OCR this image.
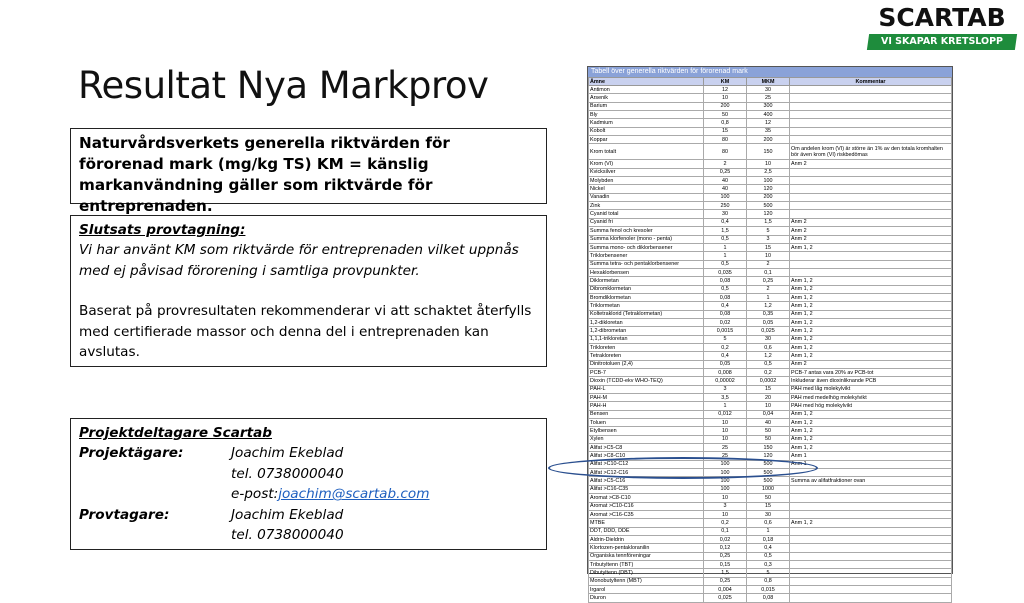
SCARTAB
VI SKAPAR KRETSLOPP
Resultat Nya Markprov
Naturvårdsverkets generella riktvärden för förorenad mark (mg/kg TS) KM = känslig markanvändning gäller som riktvärde för entreprenaden.
Slutsats provtagning:
Vi har använt KM som riktvärde för entreprenaden vilket uppnås med ej påvisad förorening i samtliga provpunkter.
Baserat på provresultaten rekommenderar vi att schaktet återfylls med certifierade massor och denna del i entreprenaden kan avslutas.
Projektdeltagare Scartab
Projektägare:	Joachim Ekeblad
tel. 0738000040
e-post: joachim@scartab.com
Provtagare:	Joachim Ekeblad
tel. 0738000040
Tabell över generella riktvärden för förorenad mark
Ämne	KM	MKM	Kommentar
Antimon	12	30	
Arsenik	10	25	
Barium	200	300	
Bly	50	400	
Kadmium	0,8	12	
Kobolt	15	35	
Koppar	80	200	
Krom totalt	80	150	Om andelen krom (VI) är större än 1% av den totala kromhalten bör även krom (VI) riskbedömas
Krom (VI)	2	10	Anm 2
Kvicksilver	0,25	2,5	
Molybden	40	100	
Nickel	40	120	
Vanadin	100	200	
Zink	250	500	
Cyanid total	30	120	
Cyanid fri	0,4	1,5	Anm 2
Summa fenol och kresoler	1,5	5	Anm 2
Summa klorfenoler (mono - penta)	0,5	3	Anm 2
Summa mono- och diklorbensener	1	15	Anm 1, 2
Triklorbensener	1	10	
Summa tetra- och pentaklorbensener	0,5	2	
Hexaklorbensen	0,035	0,1	
Diklormetan	0,08	0,25	Anm 1, 2
Dibromklormetan	0,5	2	Anm 1, 2
Bromdiklormetan	0,08	1	Anm 1, 2
Triklormetan	0,4	1,2	Anm 1, 2
Koltetraklorid (Tetraklormetan)	0,08	0,35	Anm 1, 2
1,2-dikloretan	0,02	0,05	Anm 1, 2
1,2-dibrometan	0,0015	0,025	Anm 1, 2
1,1,1-trikloretan	5	30	Anm 1, 2
Trikloreten	0,2	0,6	Anm 1, 2
Tetrakloreten	0,4	1,2	Anm 1, 2
Dinitrotoluen (2,4)	0,05	0,5	Anm 2
PCB-7	0,008	0,2	PCB-7 antas vara 20% av PCB-tot
Dioxin (TCDD-ekv WHO-TEQ)	0,00002	0,0002	Inkluderar även dioxinliknande PCB
PAH-L	3	15	PAH med låg molekylvikt
PAH-M	3,5	20	PAH med medelhög molekylvikt
PAH-H	1	10	PAH med hög molekylvikt
Bensen	0,012	0,04	Anm 1, 2
Toluen	10	40	Anm 1, 2
Etylbensen	10	50	Anm 1, 2
Xylen	10	50	Anm 1, 2
Alifat >C5-C8	25	150	Anm 1, 2
Alifat >C8-C10	25	120	Anm 1
Alifat >C10-C12	100	500	Anm 1
Alifat >C12-C16	100	500	
Alifat >C5-C16	100	500	Summa av alifatfraktioner ovan
Alifat >C16-C35	100	1000	
Aromat >C8-C10	10	50	
Aromat >C10-C16	3	15	
Aromat >C16-C35	10	30	
MTBE	0,2	0,6	Anm 1, 2
DDT, DDD, DDE	0,1	1	
Aldrin-Dieldrin	0,02	0,18	
Klortozen-pentakloranilin	0,12	0,4	
Organiska tennföreningar	0,25	0,5	
Tributyltenn (TBT)	0,15	0,3	
Dibutyltenn (DBT)	1,5	5	
Monobutyltenn (MBT)	0,25	0,8	
Irgarol	0,004	0,015	
Diuron	0,025	0,08	
